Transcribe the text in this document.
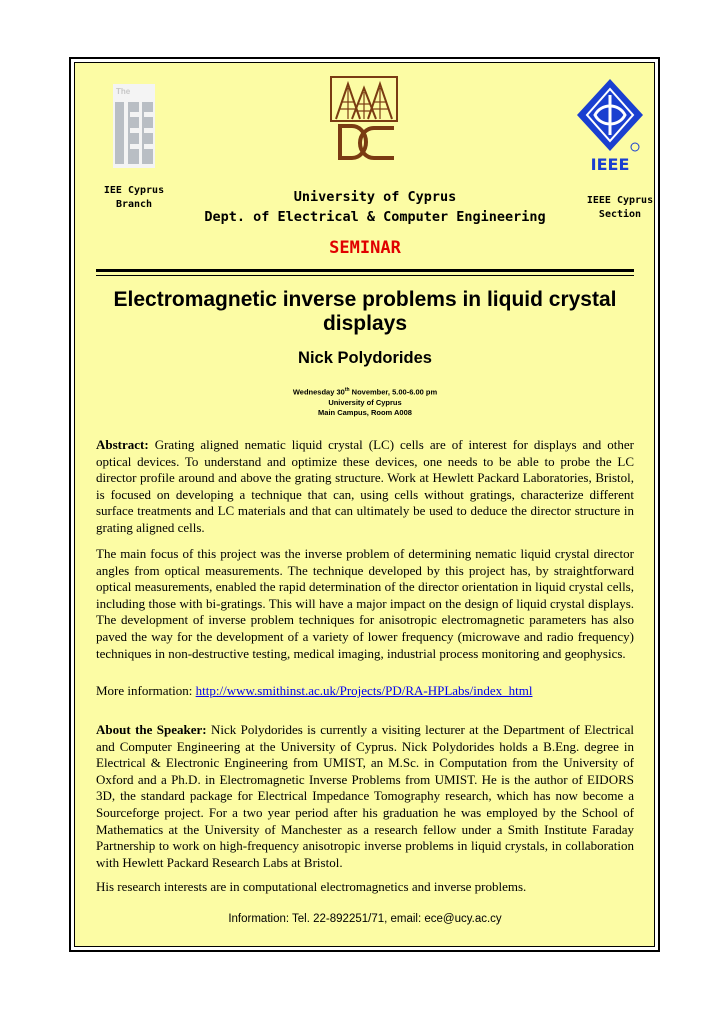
The
IEE Cyprus
Branch
IEEE
IEEE Cyprus
Section
University of Cyprus
Dept. of Electrical & Computer Engineering
SEMINAR
Electromagnetic inverse problems in liquid crystal
displays
Nick Polydorides
Wednesday 30th November, 5.00-6.00 pm
University of Cyprus
Main Campus, Room A008
Abstract: Grating aligned nematic liquid crystal (LC) cells are of interest for displays and other optical devices. To understand and optimize these devices, one needs to be able to probe the LC director profile around and above the grating structure. Work at Hewlett Packard Laboratories, Bristol, is focused on developing a technique that can, using cells without gratings, characterize different surface treatments and LC materials and that can ultimately be used to deduce the director structure in grating aligned cells.
The main focus of this project was the inverse problem of determining nematic liquid crystal director angles from optical measurements. The technique developed by this project has, by straightforward optical measurements, enabled the rapid determination of the director orientation in liquid crystal cells, including those with bi-gratings. This will have a major impact on the design of liquid crystal displays. The development of inverse problem techniques for anisotropic electromagnetic parameters has also paved the way for the development of a variety of lower frequency (microwave and radio frequency) techniques in non-destructive testing, medical imaging, industrial process monitoring and geophysics.
More information: http://www.smithinst.ac.uk/Projects/PD/RA-HPLabs/index_html
About the Speaker: Nick Polydorides is currently a visiting lecturer at the Department of Electrical and Computer Engineering at the University of Cyprus. Nick Polydorides holds a B.Eng. degree in Electrical & Electronic Engineering from UMIST, an M.Sc. in Computation from the University of Oxford and a Ph.D. in Electromagnetic Inverse Problems from UMIST. He is the author of EIDORS 3D, the standard package for Electrical Impedance Tomography research, which has now become a Sourceforge project. For a two year period after his graduation he was employed by the School of Mathematics at the University of Manchester as a research fellow under a Smith Institute Faraday Partnership to work on high-frequency anisotropic inverse problems in liquid crystals, in collaboration with Hewlett Packard Research Labs at Bristol.
His research interests are in computational electromagnetics and inverse problems.
Information: Tel. 22-892251/71, email: ece@ucy.ac.cy
